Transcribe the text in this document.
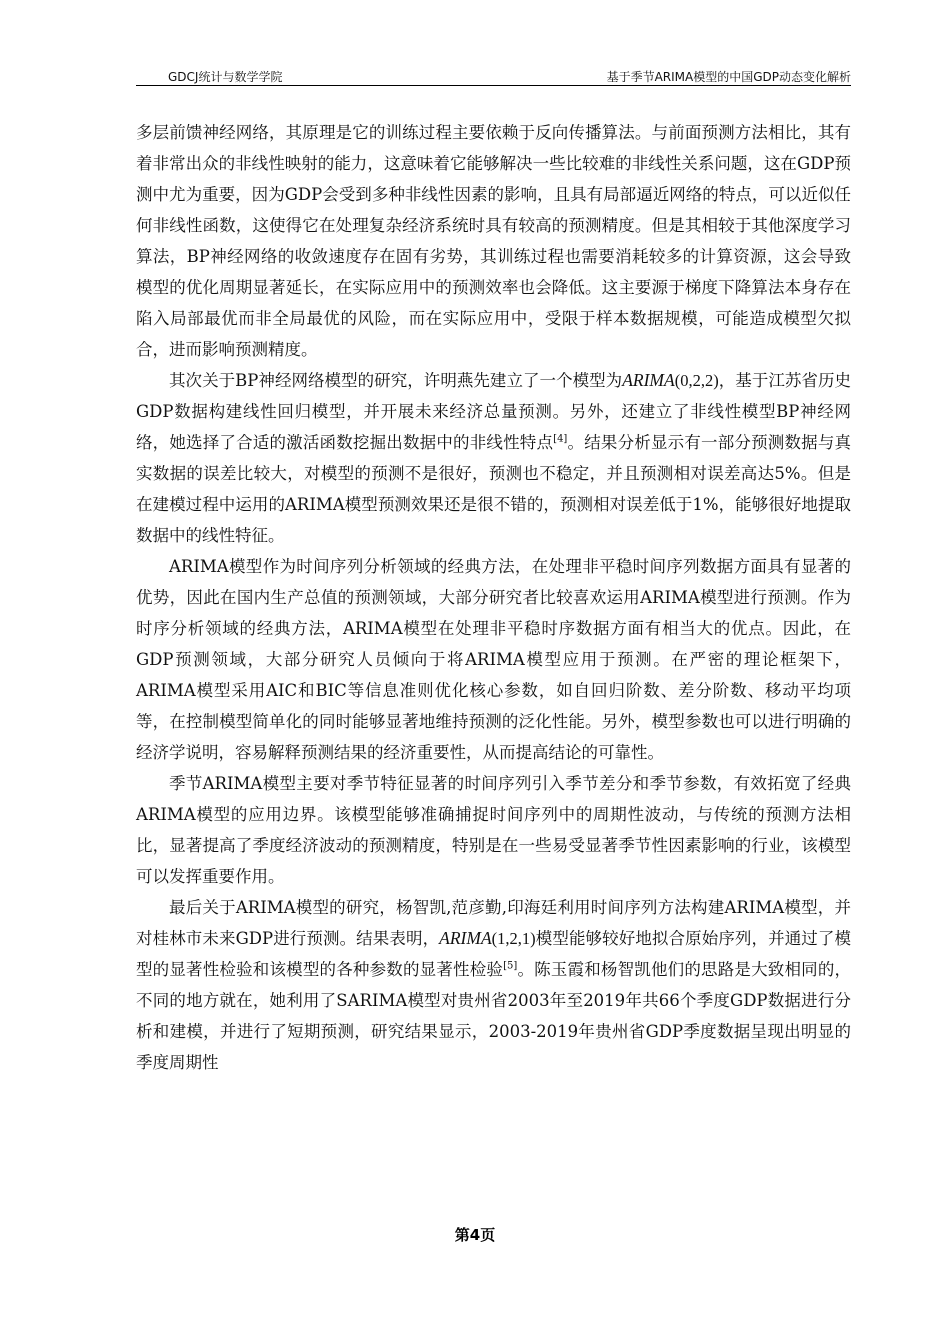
GDCJ统计与数学学院	基于季节ARIMA模型的中国GDP动态变化解析

多层前馈神经网络，其原理是它的训练过程主要依赖于反向传播算法。与前面预测方法相比，其有着非常出众的非线性映射的能力，这意味着它能够解决一些比较难的非线性关系问题，这在GDP预测中尤为重要，因为GDP会受到多种非线性因素的影响，且具有局部逼近网络的特点，可以近似任何非线性函数，这使得它在处理复杂经济系统时具有较高的预测精度。但是其相较于其他深度学习算法，BP神经网络的收敛速度存在固有劣势，其训练过程也需要消耗较多的计算资源，这会导致模型的优化周期显著延长，在实际应用中的预测效率也会降低。这主要源于梯度下降算法本身存在陷入局部最优而非全局最优的风险，而在实际应用中，受限于样本数据规模，可能造成模型欠拟合，进而影响预测精度。

其次关于BP神经网络模型的研究，许明燕先建立了一个模型为ARIMA(0,2,2)，基于江苏省历史GDP数据构建线性回归模型，并开展未来经济总量预测。另外，还建立了非线性模型BP神经网络，她选择了合适的激活函数挖掘出数据中的非线性特点[4]。结果分析显示有一部分预测数据与真实数据的误差比较大，对模型的预测不是很好，预测也不稳定，并且预测相对误差高达5%。但是在建模过程中运用的ARIMA模型预测效果还是很不错的，预测相对误差低于1%，能够很好地提取数据中的线性特征。

ARIMA模型作为时间序列分析领域的经典方法，在处理非平稳时间序列数据方面具有显著的优势，因此在国内生产总值的预测领域，大部分研究者比较喜欢运用ARIMA模型进行预测。作为时序分析领域的经典方法，ARIMA模型在处理非平稳时序数据方面有相当大的优点。因此，在GDP预测领域，大部分研究人员倾向于将ARIMA模型应用于预测。在严密的理论框架下，ARIMA模型采用AIC和BIC等信息准则优化核心参数，如自回归阶数、差分阶数、移动平均项等，在控制模型简单化的同时能够显著地维持预测的泛化性能。另外，模型参数也可以进行明确的经济学说明，容易解释预测结果的经济重要性，从而提高结论的可靠性。

季节ARIMA模型主要对季节特征显著的时间序列引入季节差分和季节参数，有效拓宽了经典ARIMA模型的应用边界。该模型能够准确捕捉时间序列中的周期性波动，与传统的预测方法相比，显著提高了季度经济波动的预测精度，特别是在一些易受显著季节性因素影响的行业，该模型可以发挥重要作用。

最后关于ARIMA模型的研究，杨智凯,范彦勤,印海廷利用时间序列方法构建ARIMA模型，并对桂林市未来GDP进行预测。结果表明，ARIMA(1,2,1)模型能够较好地拟合原始序列，并通过了模型的显著性检验和该模型的各种参数的显著性检验[5]。陈玉霞和杨智凯他们的思路是大致相同的，不同的地方就在，她利用了SARIMA模型对贵州省2003年至2019年共66个季度GDP数据进行分析和建模，并进行了短期预测，研究结果显示，2003-2019年贵州省GDP季度数据呈现出明显的季度周期性

第4页
